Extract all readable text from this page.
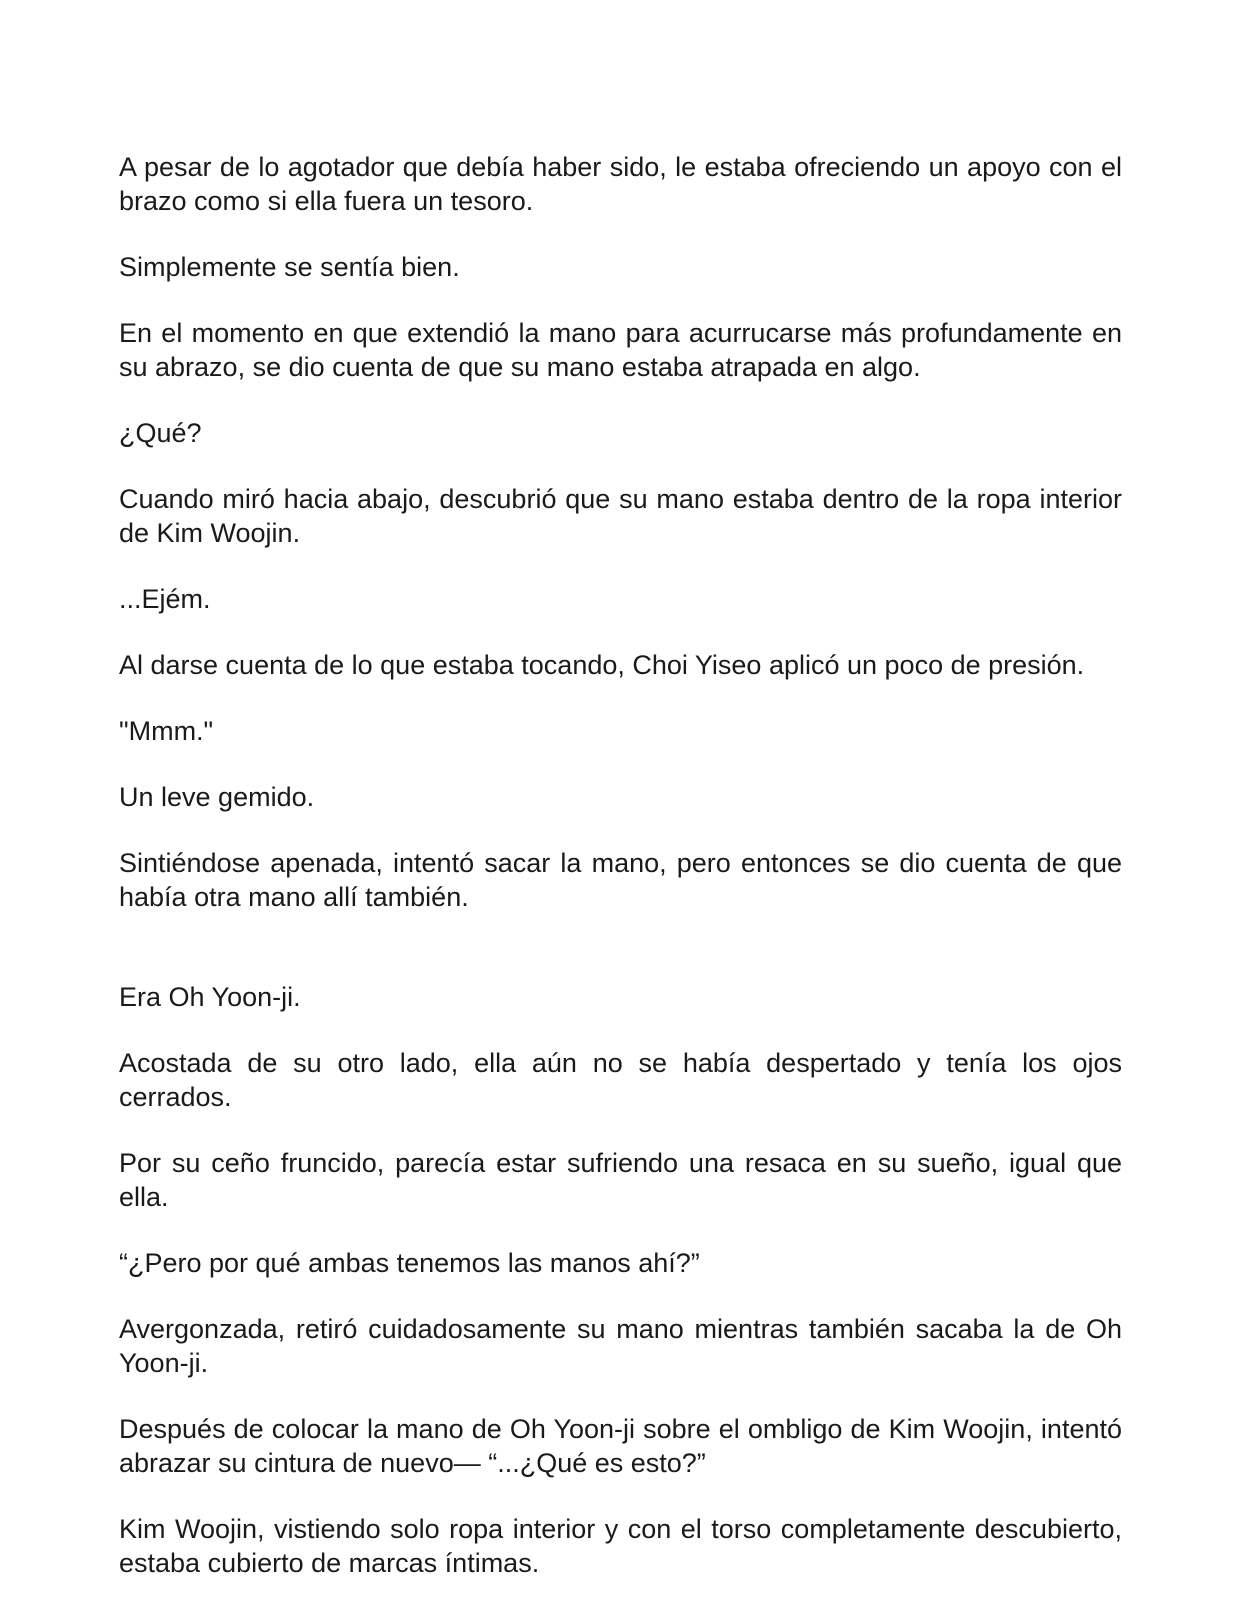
A pesar de lo agotador que debía haber sido, le estaba ofreciendo un apoyo con el brazo como si ella fuera un tesoro.

Simplemente se sentía bien.

En el momento en que extendió la mano para acurrucarse más profundamente en su abrazo, se dio cuenta de que su mano estaba atrapada en algo.

¿Qué?

Cuando miró hacia abajo, descubrió que su mano estaba dentro de la ropa interior de Kim Woojin.

...Ejém.

Al darse cuenta de lo que estaba tocando, Choi Yiseo aplicó un poco de presión.

"Mmm."

Un leve gemido.

Sintiéndose apenada, intentó sacar la mano, pero entonces se dio cuenta de que había otra mano allí también.

Era Oh Yoon-ji.

Acostada de su otro lado, ella aún no se había despertado y tenía los ojos cerrados.

Por su ceño fruncido, parecía estar sufriendo una resaca en su sueño, igual que ella.

“¿Pero por qué ambas tenemos las manos ahí?”

Avergonzada, retiró cuidadosamente su mano mientras también sacaba la de Oh Yoon-ji.

Después de colocar la mano de Oh Yoon-ji sobre el ombligo de Kim Woojin, intentó abrazar su cintura de nuevo— “...¿Qué es esto?”

Kim Woojin, vistiendo solo ropa interior y con el torso completamente descubierto, estaba cubierto de marcas íntimas.
